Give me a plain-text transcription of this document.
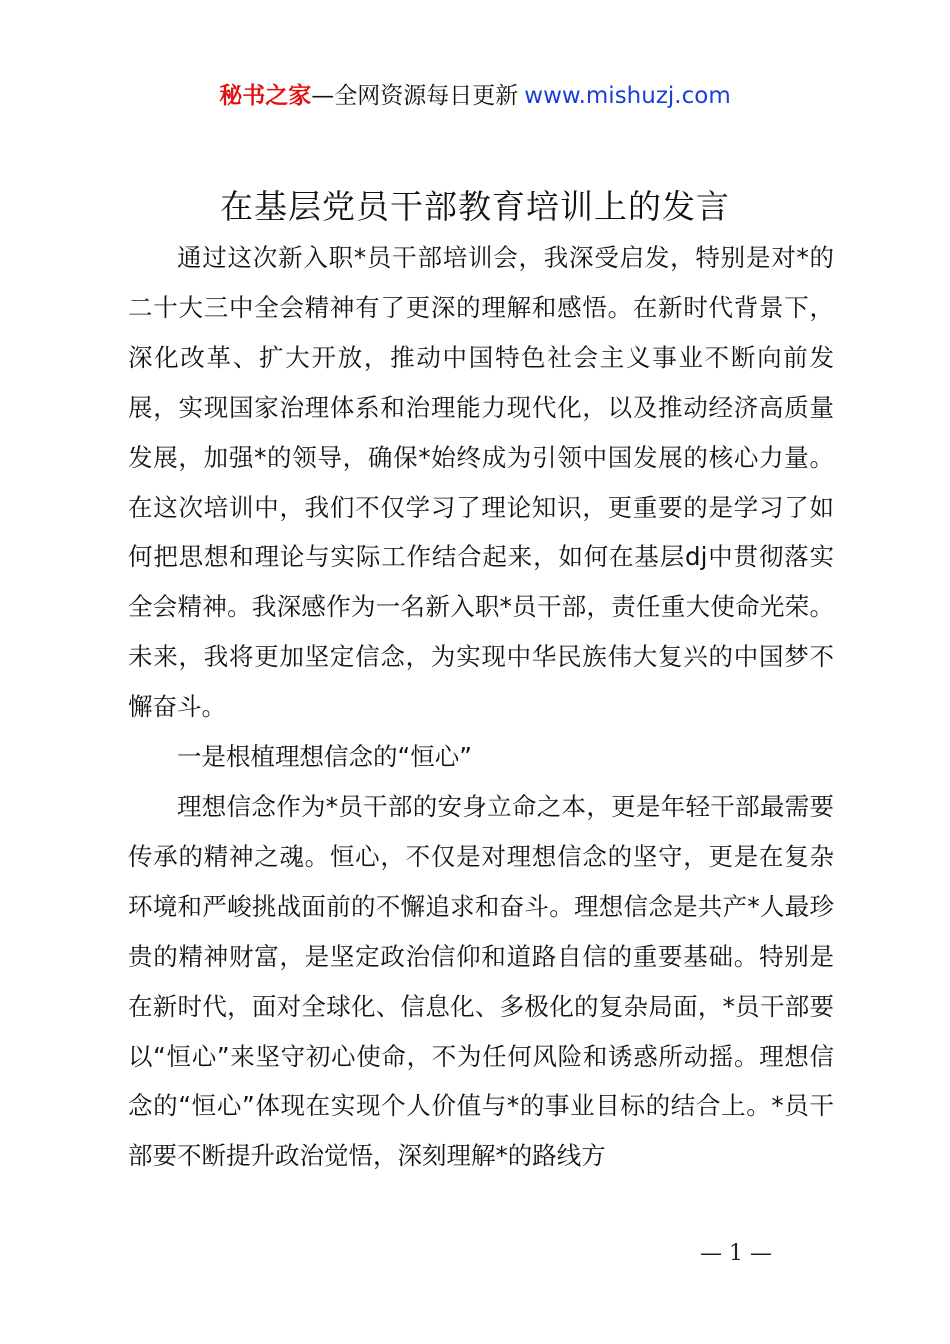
秘书之家—全网资源每日更新 www.mishuzj.com
在基层党员干部教育培训上的发言

通过这次新入职*员干部培训会，我深受启发，特别是对*的二十大三中全会精神有了更深的理解和感悟。在新时代背景下，深化改革、扩大开放，推动中国特色社会主义事业不断向前发展，实现国家治理体系和治理能力现代化，以及推动经济高质量发展，加强*的领导，确保*始终成为引领中国发展的核心力量。在这次培训中，我们不仅学习了理论知识，更重要的是学习了如何把思想和理论与实际工作结合起来，如何在基层dj中贯彻落实全会精神。我深感作为一名新入职*员干部，责任重大使命光荣。未来，我将更加坚定信念，为实现中华民族伟大复兴的中国梦不懈奋斗。

一是根植理想信念的“恒心”

理想信念作为*员干部的安身立命之本，更是年轻干部最需要传承的精神之魂。恒心，不仅是对理想信念的坚守，更是在复杂环境和严峻挑战面前的不懈追求和奋斗。理想信念是共产*人最珍贵的精神财富，是坚定政治信仰和道路自信的重要基础。特别是在新时代，面对全球化、信息化、多极化的复杂局面，*员干部要以“恒心”来坚守初心使命，不为任何风险和诱惑所动摇。理想信念的“恒心”体现在实现个人价值与*的事业目标的结合上。*员干部要不断提升政治觉悟，深刻理解*的路线方

— 1 —
